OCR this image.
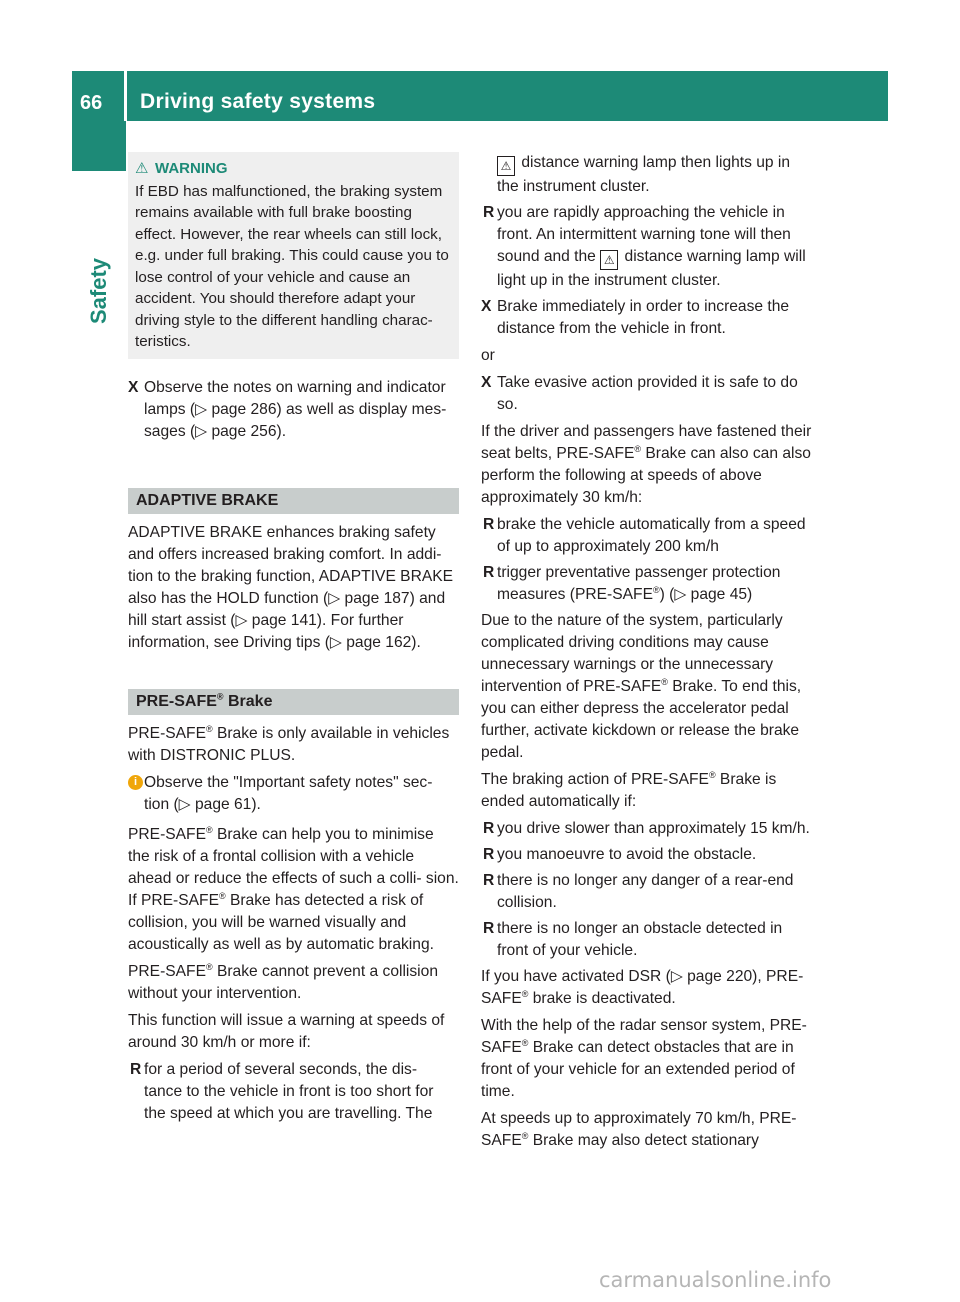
66 Driving safety systems
Safety
⚠ WARNING
If EBD has malfunctioned, the braking system remains available with full brake boosting effect. However, the rear wheels can still lock, e.g. under full braking. This could cause you to lose control of your vehicle and cause an accident. You should therefore adapt your driving style to the different handling charac- teristics.
X Observe the notes on warning and indicator lamps (▷ page 286) as well as display mes- sages (▷ page 256).
ADAPTIVE BRAKE

ADAPTIVE BRAKE enhances braking safety and offers increased braking comfort. In addi- tion to the braking function, ADAPTIVE BRAKE also has the HOLD function (▷ page 187) and hill start assist (▷ page 141). For further information, see Driving tips (▷ page 162).

PRE-SAFE® Brake

PRE-SAFE® Brake is only available in vehicles with DISTRONIC PLUS.

i Observe the "Important safety notes" sec- tion (▷ page 61).

PRE-SAFE® Brake can help you to minimise the risk of a frontal collision with a vehicle ahead or reduce the effects of such a colli- sion. If PRE-SAFE® Brake has detected a risk of collision, you will be warned visually and acoustically as well as by automatic braking.

PRE-SAFE® Brake cannot prevent a collision without your intervention.

This function will issue a warning at speeds of around 30 km/h or more if:

R for a period of several seconds, the dis- tance to the vehicle in front is too short for the speed at which you are travelling. The
⚠ distance warning lamp then lights up in the instrument cluster.
R you are rapidly approaching the vehicle in front. An intermittent warning tone will then sound and the ⚠ distance warning lamp will light up in the instrument cluster.
X Brake immediately in order to increase the distance from the vehicle in front.

or

X Take evasive action provided it is safe to do so.

If the driver and passengers have fastened their seat belts, PRE-SAFE® Brake can also can also perform the following at speeds of above approximately 30 km/h:

R brake the vehicle automatically from a speed of up to approximately 200 km/h
R trigger preventative passenger protection measures (PRE-SAFE®) (▷ page 45)

Due to the nature of the system, particularly complicated driving conditions may cause unnecessary warnings or the unnecessary intervention of PRE-SAFE® Brake. To end this, you can either depress the accelerator pedal further, activate kickdown or release the brake pedal.

The braking action of PRE-SAFE® Brake is ended automatically if:

R you drive slower than approximately 15 km/h.
R you manoeuvre to avoid the obstacle.
R there is no longer any danger of a rear-end collision.
R there is no longer an obstacle detected in front of your vehicle.

If you have activated DSR (▷ page 220), PRE- SAFE® brake is deactivated.

With the help of the radar sensor system, PRE-SAFE® Brake can detect obstacles that are in front of your vehicle for an extended period of time.

At speeds up to approximately 70 km/h, PRE-SAFE® Brake may also detect stationary

carmanualsonline.info
